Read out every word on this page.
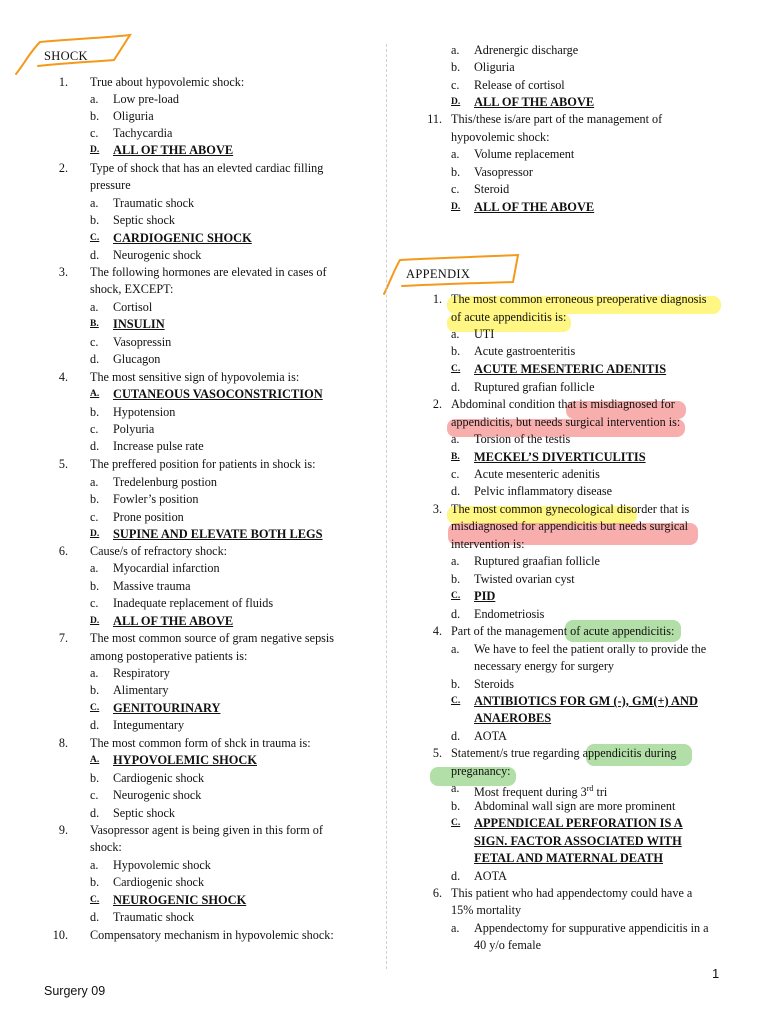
SHOCK
APPENDIX
1. True about hypovolemic shock:
a. Low pre-load
b. Oliguria
c. Tachycardia
D. ALL OF THE ABOVE
2. Type of shock that has an elevted cardiac filling
pressure
a. Traumatic shock
b. Septic shock
C. CARDIOGENIC SHOCK
d. Neurogenic shock
3. The following hormones are elevated in cases of
shock, EXCEPT:
a. Cortisol
B. INSULIN
c. Vasopressin
d. Glucagon
4. The most sensitive sign of hypovolemia is:
A. CUTANEOUS VASOCONSTRICTION
b. Hypotension
c. Polyuria
d. Increase pulse rate
5. The preffered position for patients in shock is:
a. Tredelenburg postion
b. Fowler’s position
c. Prone position
D. SUPINE AND ELEVATE BOTH LEGS
6. Cause/s of refractory shock:
a. Myocardial infarction
b. Massive trauma
c. Inadequate replacement of fluids
D. ALL OF THE ABOVE
7. The most common source of gram negative sepsis
among postoperative patients is:
a. Respiratory
b. Alimentary
C. GENITOURINARY
d. Integumentary
8. The most common form of shck in trauma is:
A. HYPOVOLEMIC SHOCK
b. Cardiogenic shock
c. Neurogenic shock
d. Septic shock
9. Vasopressor agent is being given in this form of
shock:
a. Hypovolemic shock
b. Cardiogenic shock
C. NEUROGENIC SHOCK
d. Traumatic shock
10. Compensatory mechanism in hypovolemic shock:
a. Adrenergic discharge
b. Oliguria
c. Release of cortisol
D. ALL OF THE ABOVE
11. This/these is/are part of the management of
hypovolemic shock:
a. Volume replacement
b. Vasopressor
c. Steroid
D. ALL OF THE ABOVE
1. The most common erroneous preoperative diagnosis
of acute appendicitis is:
a. UTI
b. Acute gastroenteritis
C. ACUTE MESENTERIC ADENITIS
d. Ruptured grafian follicle
2. Abdominal condition that is misdiagnosed for
appendicitis, but needs surgical intervention is:
a. Torsion of the testis
B. MECKEL’S DIVERTICULITIS
c. Acute mesenteric adenitis
d. Pelvic inflammatory disease
3. The most common gynecological disorder that is
misdiagnosed for appendicitis but needs surgical
intervention is:
a. Ruptured graafian follicle
b. Twisted ovarian cyst
C. PID
d. Endometriosis
4. Part of the management of acute appendicitis:
a. We have to feel the patient orally to provide the
necessary energy for surgery
b. Steroids
C. ANTIBIOTICS FOR GM (-), GM(+) AND
ANAEROBES
d. AOTA
5. Statement/s true regarding appendicitis during
preganancy:
a. Most frequent during 3rd tri
b. Abdominal wall sign are more prominent
C. APPENDICEAL PERFORATION IS A
SIGN. FACTOR ASSOCIATED WITH
FETAL AND MATERNAL DEATH
d. AOTA
6. This patient who had appendectomy could have a
15% mortality
a. Appendectomy for suppurative appendicitis in a
40 y/o female
Surgery 09
1
